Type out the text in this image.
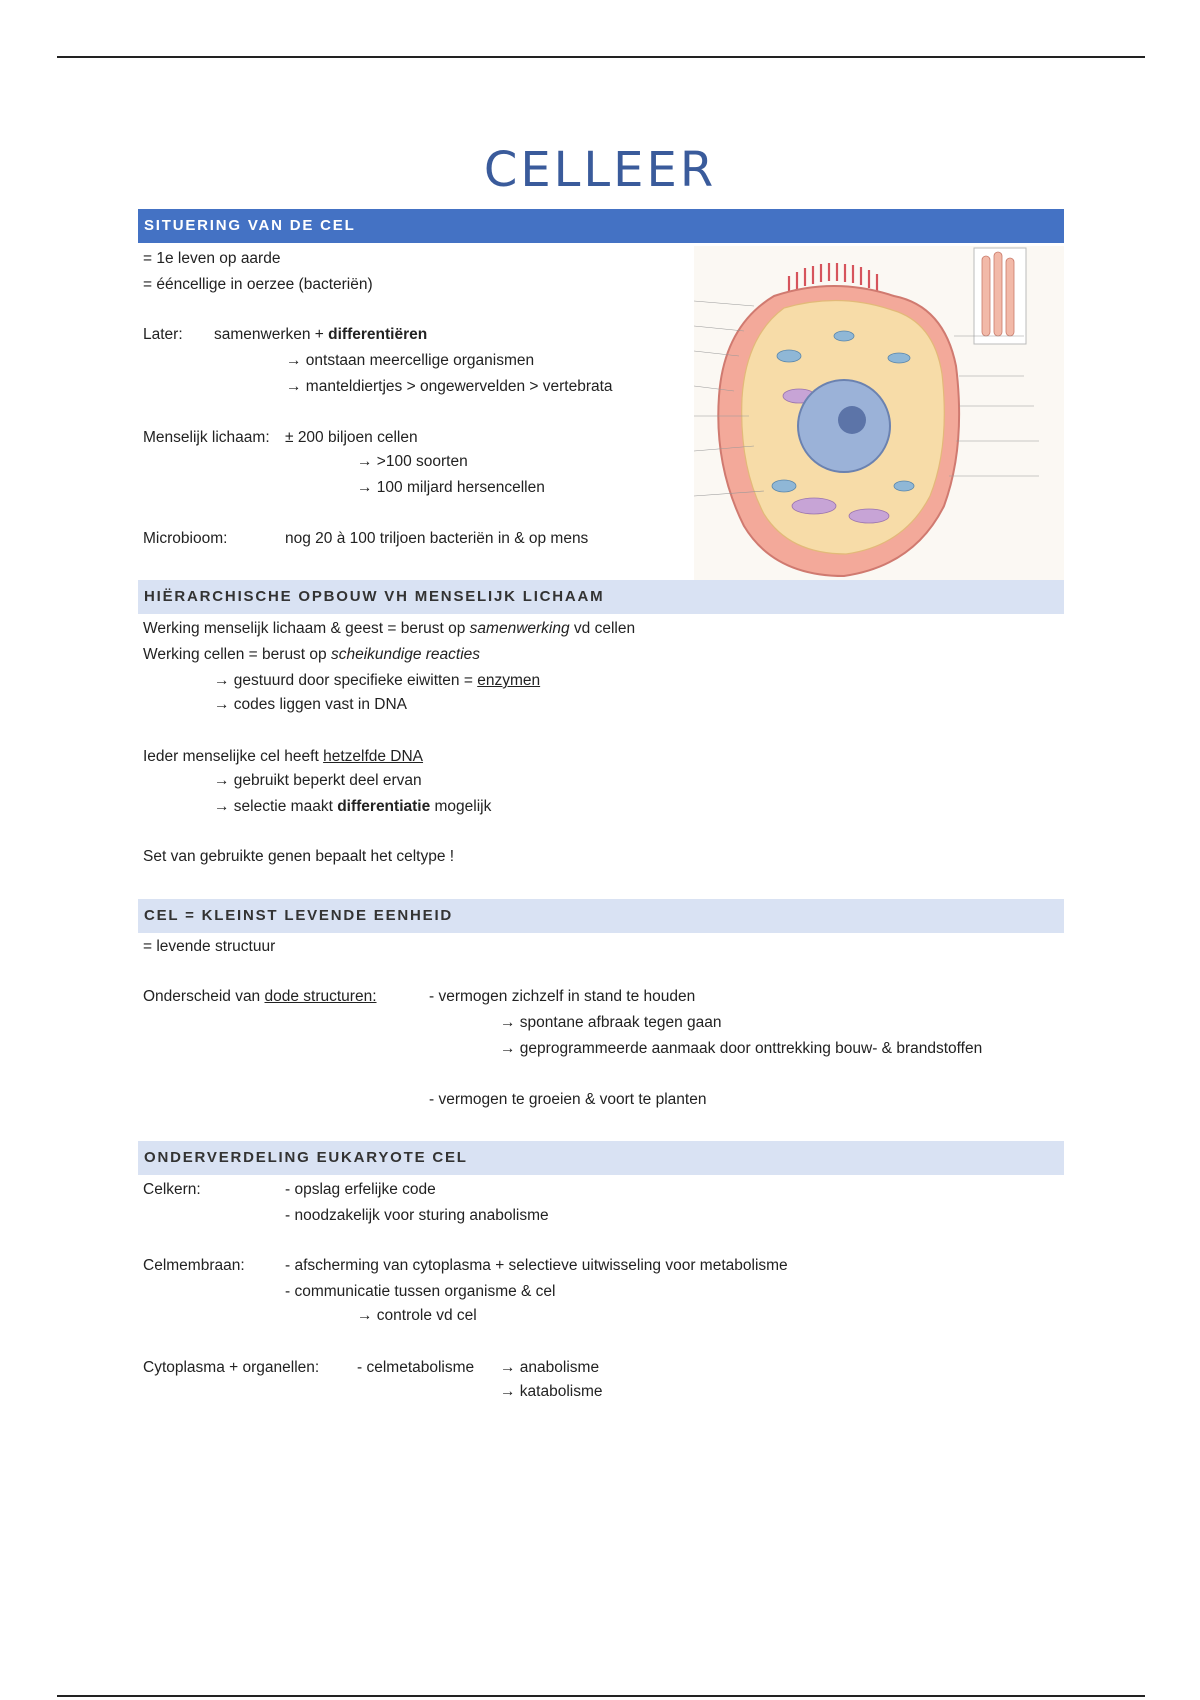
CELLEER
SITUERING VAN DE CEL
= 1e leven op aarde
= ééncellige in oerzee (bacteriën)
Later: samenwerken + differentiëren
→ ontstaan meercellige organismen
→ manteldiertjes > ongewervelden > vertebrata
Menselijk lichaam: ± 200 biljoen cellen
→ >100 soorten
→ 100 miljard hersencellen
Microbioom:	nog 20 à 100 triljoen bacteriën in & op mens
HIËRARCHISCHE OPBOUW VH MENSELIJK LICHAAM
Werking menselijk lichaam & geest = berust op samenwerking vd cellen
Werking cellen = berust op scheikundige reacties
→ gestuurd door specifieke eiwitten = enzymen
→ codes liggen vast in DNA
Ieder menselijke cel heeft hetzelfde DNA
→ gebruikt beperkt deel ervan
→ selectie maakt differentiatie mogelijk
Set van gebruikte genen bepaalt het celtype !
CEL = KLEINST LEVENDE EENHEID
= levende structuur
Onderscheid van dode structuren:	- vermogen zichzelf in stand te houden
→ spontane afbraak tegen gaan
→ geprogrammeerde aanmaak door onttrekking bouw- & brandstoffen
- vermogen te groeien & voort te planten
ONDERVERDELING EUKARYOTE CEL
Celkern:	- opslag erfelijke code
- noodzakelijk voor sturing anabolisme
Celmembraan:	- afscherming van cytoplasma + selectieve uitwisseling voor metabolisme
- communicatie tussen organisme & cel
→ controle vd cel
Cytoplasma + organellen: - celmetabolisme → anabolisme
→ katabolisme
